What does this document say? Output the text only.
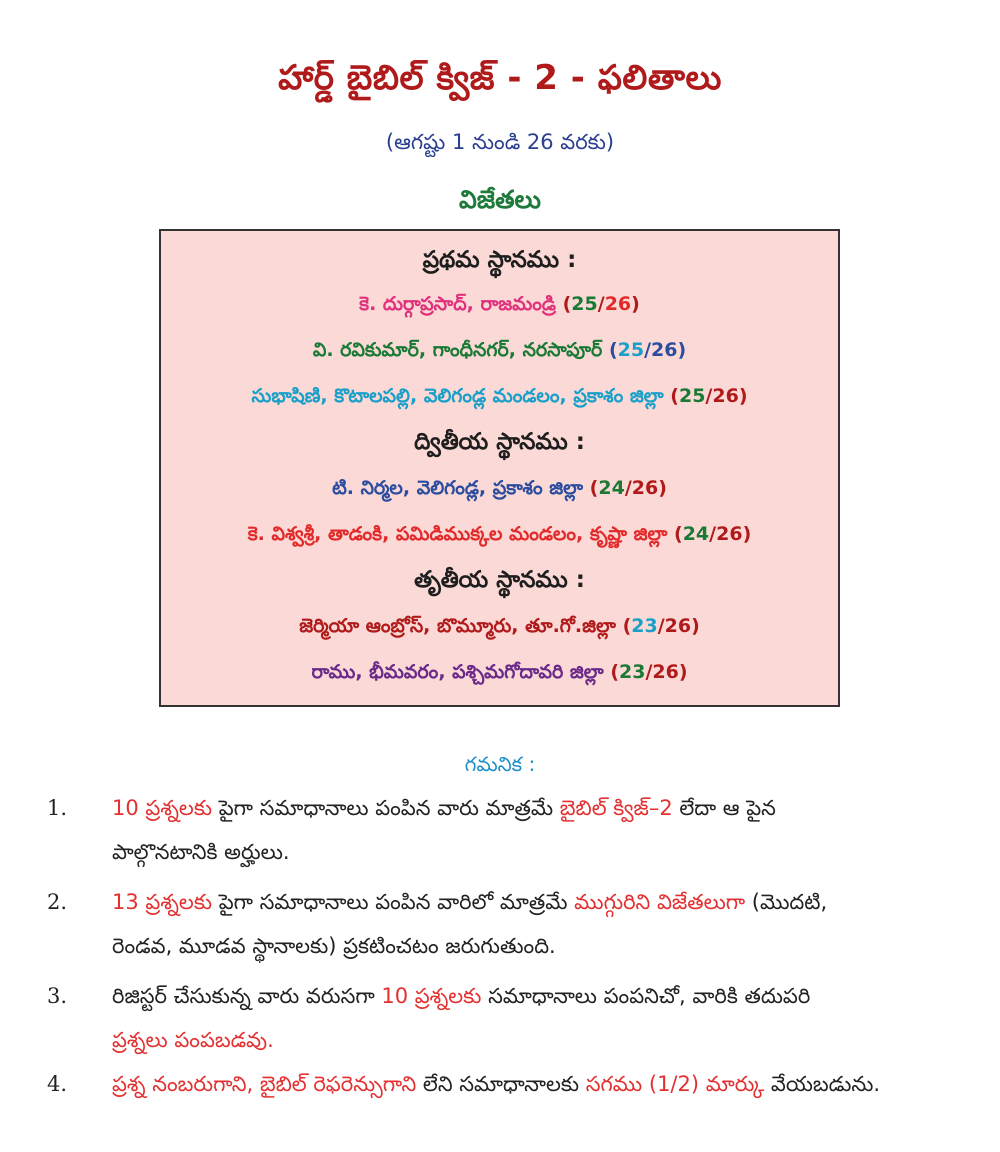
హార్డ్ బైబిల్ క్విజ్ - 2 - ఫలితాలు
(ఆగష్టు 1 నుండి 26 వరకు)
విజేతలు
ప్రథమ స్థానము :
కె. దుర్గాప్రసాద్, రాజమండ్రి (25/26)
వి. రవికుమార్, గాంధీనగర్, నరసాపూర్ (25/26)
సుభాషిణి, కొటాలపల్లి, వెలిగండ్ల మండలం, ప్రకాశం జిల్లా (25/26)
ద్వితీయ స్థానము :
టి. నిర్మల, వెలిగండ్ల, ప్రకాశం జిల్లా (24/26)
కె. విశ్వశ్రీ, తాడంకి, పమిడిముక్కల మండలం, కృష్ణా జిల్లా (24/26)
తృతీయ స్థానము :
జెర్మియా ఆంబ్రోస్, బొమ్మూరు, తూ.గో.జిల్లా (23/26)
రాము, భీమవరం, పశ్చిమగోదావరి జిల్లా (23/26)
గమనిక :
1. 10 ప్రశ్నలకు పైగా సమాధానాలు పంపిన వారు మాత్రమే బైబిల్ క్విజ్–2 లేదా ఆ పైన
పాల్గొనటానికి అర్హులు.
2. 13 ప్రశ్నలకు పైగా సమాధానాలు పంపిన వారిలో మాత్రమే ముగ్గురిని విజేతలుగా (మొదటి,
రెండవ, మూడవ స్థానాలకు) ప్రకటించటం జరుగుతుంది.
3. రిజిస్టర్ చేసుకున్న వారు వరుసగా 10 ప్రశ్నలకు సమాధానాలు పంపనిచో, వారికి తదుపరి
ప్రశ్నలు పంపబడవు.
4. ప్రశ్న నంబరుగాని, బైబిల్ రెఫరెన్సుగాని లేని సమాధానాలకు సగము (1/2) మార్కు వేయబడును.
